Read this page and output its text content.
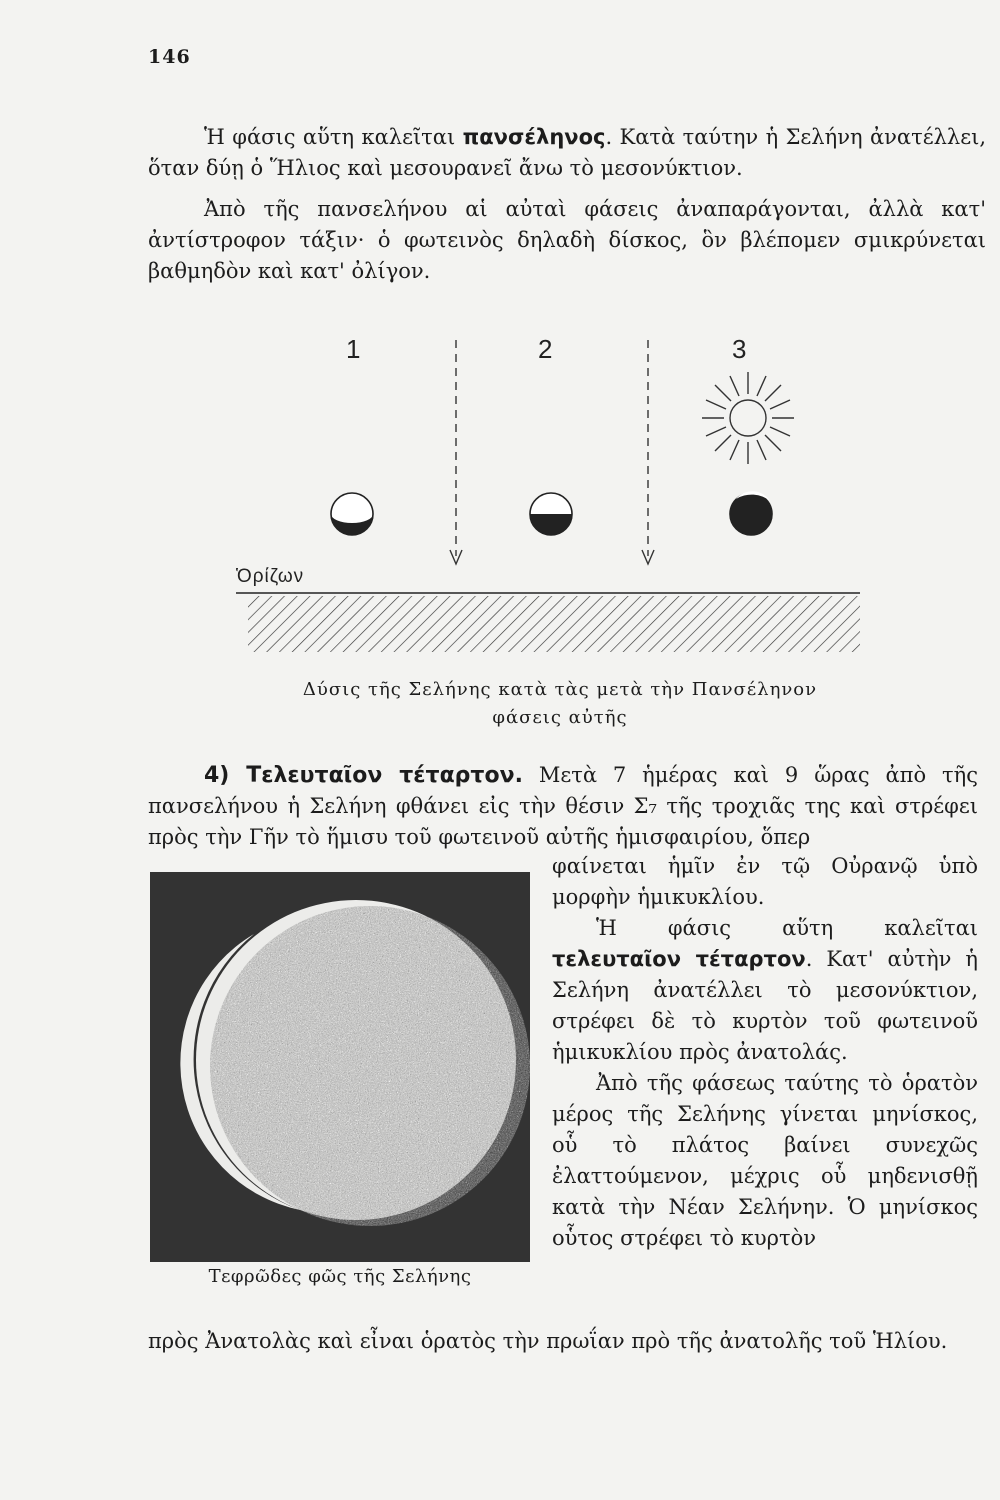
146

Ἡ φάσις αὕτη καλεῖται πανσέληνος. Κατὰ ταύτην ἡ Σελήνη ἀνατέλλει, ὅταν δύῃ ὁ Ἥλιος καὶ μεσουρανεῖ ἄνω τὸ μεσονύκτιον.

Ἀπὸ τῆς πανσελήνου αἱ αὐταὶ φάσεις ἀναπαράγονται, ἀλλὰ κατ' ἀντίστροφον τάξιν· ὁ φωτεινὸς δηλαδὴ δίσκος, ὃν βλέπομεν σμικρύνεται βαθμηδὸν καὶ κατ' ὀλίγον.

1	2	3
Ὁρίζων
Δύσις τῆς Σελήνης κατὰ τὰς μετὰ τὴν Πανσέληνον
φάσεις αὐτῆς

4) Τελευταῖον τέταρτον. Μετὰ 7 ἡμέρας καὶ 9 ὥρας ἀπὸ τῆς πανσελήνου ἡ Σελήνη φθάνει εἰς τὴν θέσιν Σ₇ τῆς τροχιᾶς της καὶ στρέφει πρὸς τὴν Γῆν τὸ ἥμισυ τοῦ φωτεινοῦ αὐτῆς ἡμισφαιρίου, ὅπερ

Τεφρῶδες φῶς τῆς Σελήνης

φαίνεται ἡμῖν ἐν τῷ Οὐρανῷ ὑπὸ μορφὴν ἡμικυκλίου.

Ἡ φάσις αὕτη καλεῖται τελευταῖον τέταρτον. Κατ' αὐτὴν ἡ Σελήνη ἀνατέλλει τὸ μεσονύκτιον, στρέφει δὲ τὸ κυρτὸν τοῦ φωτεινοῦ ἡμικυκλίου πρὸς ἀνατολάς.

Ἀπὸ τῆς φάσεως ταύτης τὸ ὁρατὸν μέρος τῆς Σελήνης γίνεται μηνίσκος, οὗ τὸ πλάτος βαίνει συνεχῶς ἐλαττούμενον, μέχρις οὗ μηδενισθῇ κατὰ τὴν Νέαν Σελήνην. Ὁ μηνίσκος οὗτος στρέφει τὸ κυρτὸν

πρὸς Ἀνατολὰς καὶ εἶναι ὁρατὸς τὴν πρωΐαν πρὸ τῆς ἀνατολῆς τοῦ Ἡλίου.
